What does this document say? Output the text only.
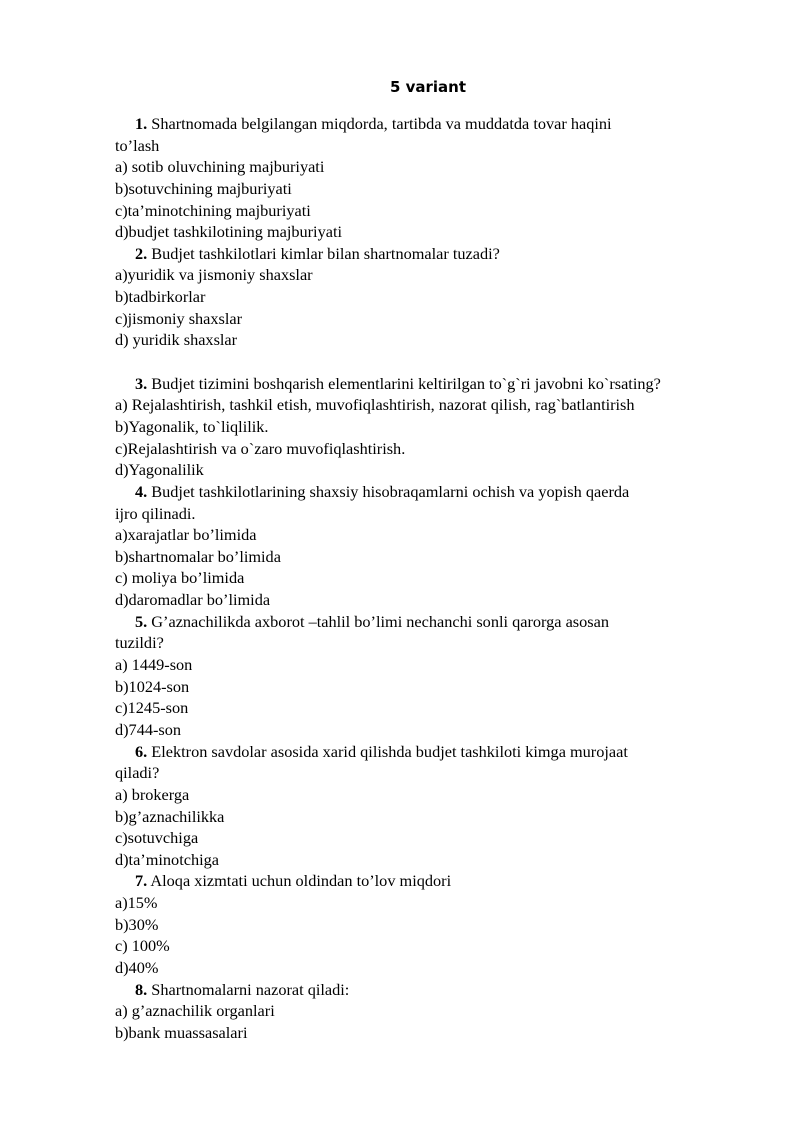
5 variant
1. Shartnomada belgilangan miqdorda, tartibda va muddatda tovar haqini
to’lash
a) sotib oluvchining majburiyati
b)sotuvchining majburiyati
c)ta’minotchining majburiyati
d)budjet tashkilotining majburiyati
2. Budjet tashkilotlari kimlar bilan shartnomalar tuzadi?
a)yuridik va jismoniy shaxslar
b)tadbirkorlar
c)jismoniy shaxslar
d) yuridik shaxslar
3. Budjet tizimini boshqarish elementlarini keltirilgan to`g`ri javobni ko`rsating?
a) Rejalashtirish, tashkil etish, muvofiqlashtirish, nazorat qilish, rag`batlantirish
b)Yagonalik, to`liqlilik.
c)Rejalashtirish va o`zaro muvofiqlashtirish.
d)Yagonalilik
4. Budjet tashkilotlarining shaxsiy hisobraqamlarni ochish va yopish qaerda
ijro qilinadi.
a)xarajatlar bo’limida
b)shartnomalar bo’limida
c) moliya bo’limida
d)daromadlar bo’limida
5. G’aznachilikda axborot –tahlil bo’limi nechanchi sonli qarorga asosan
tuzildi?
a) 1449-son
b)1024-son
c)1245-son
d)744-son
6. Elektron savdolar asosida xarid qilishda budjet tashkiloti kimga murojaat
qiladi?
a) brokerga
b)g’aznachilikka
c)sotuvchiga
d)ta’minotchiga
7. Aloqa xizmtati uchun oldindan to’lov miqdori
a)15%
b)30%
c) 100%
d)40%
8. Shartnomalarni nazorat qiladi:
a) g’aznachilik organlari
b)bank muassasalari
